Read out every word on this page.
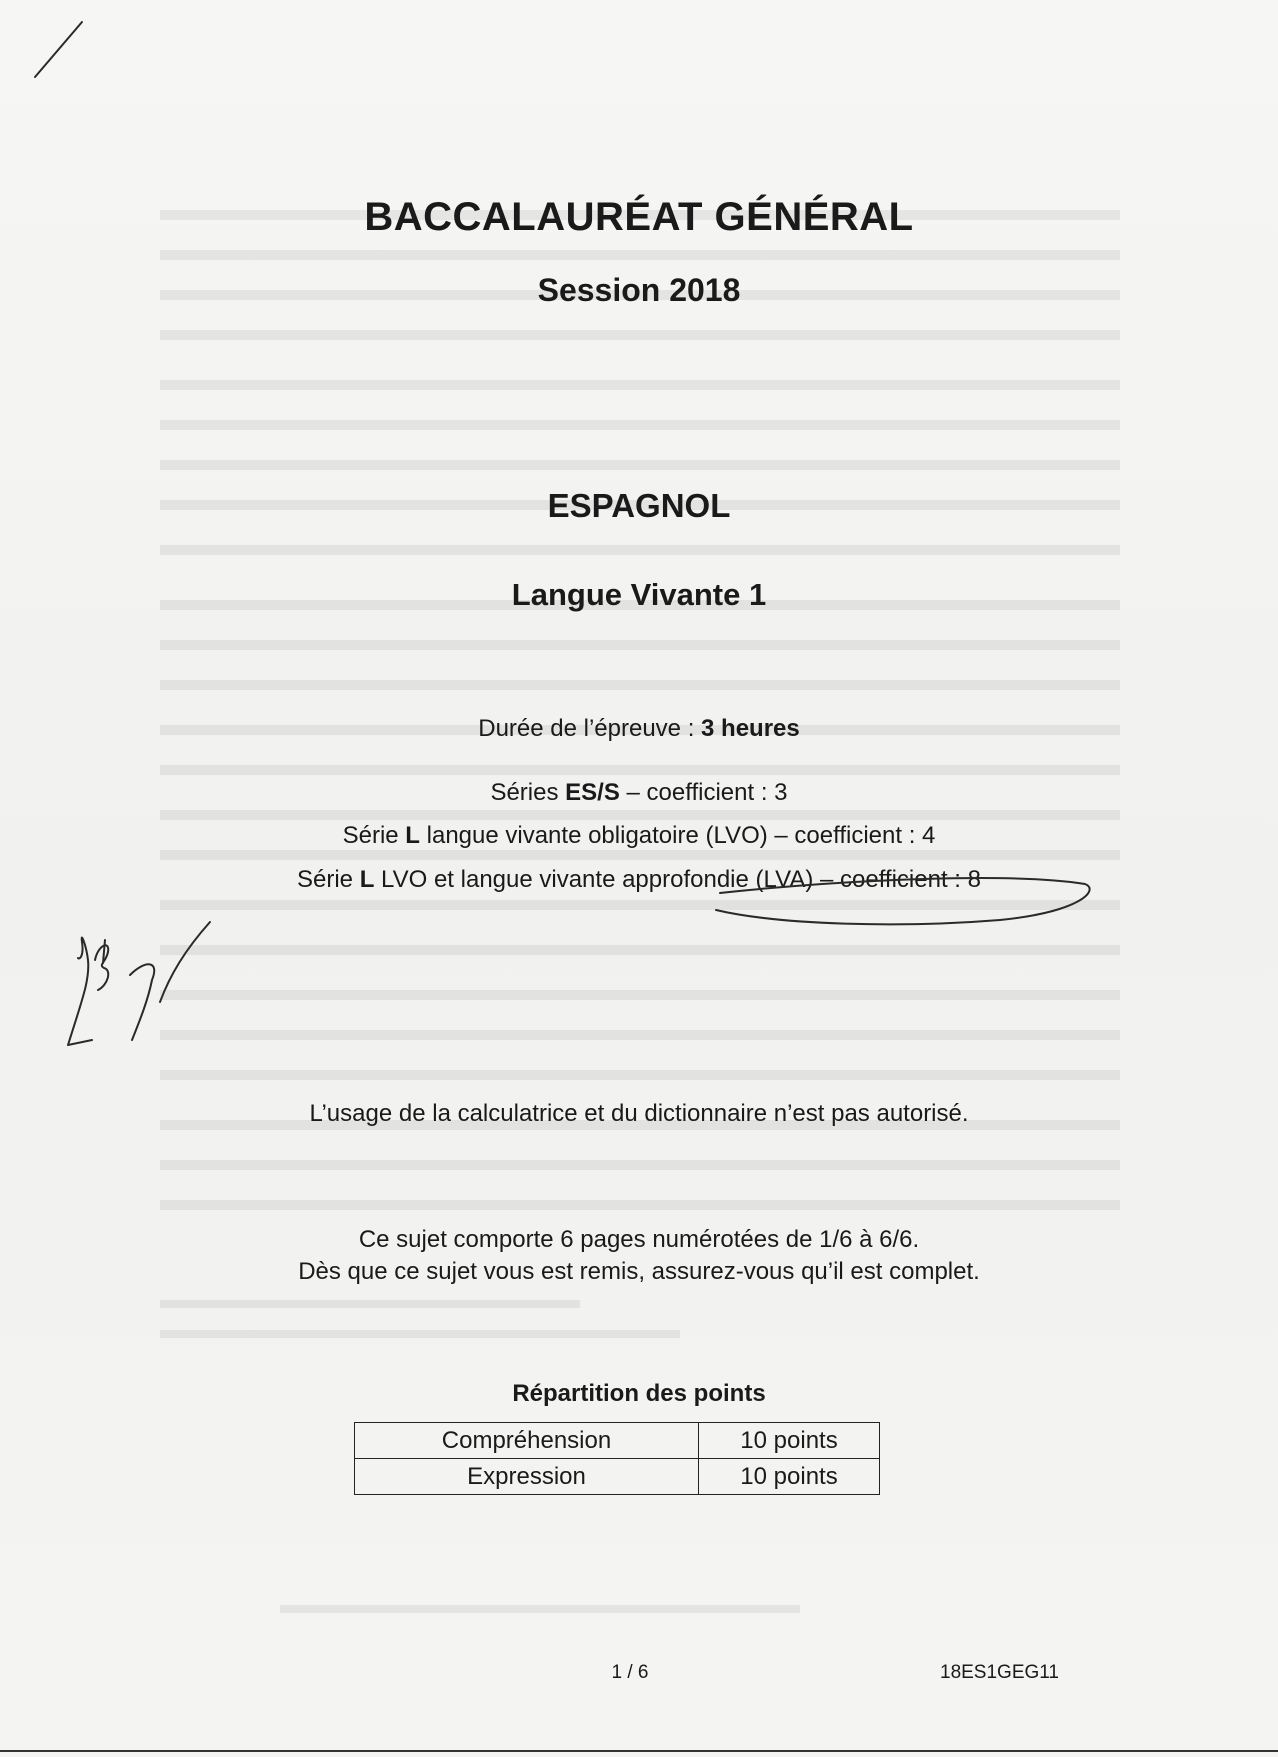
BACCALAURÉAT GÉNÉRAL
Session 2018
ESPAGNOL
Langue Vivante 1
Durée de l’épreuve : 3 heures
Séries ES/S – coefficient : 3
Série L langue vivante obligatoire (LVO) – coefficient : 4
Série L LVO et langue vivante approfondie (LVA) – coefficient : 8
L’usage de la calculatrice et du dictionnaire n’est pas autorisé.
Ce sujet comporte 6 pages numérotées de 1/6 à 6/6.
Dès que ce sujet vous est remis, assurez-vous qu’il est complet.
Répartition des points
Compréhension	10 points
Expression	10 points
1 / 6	18ES1GEG11
